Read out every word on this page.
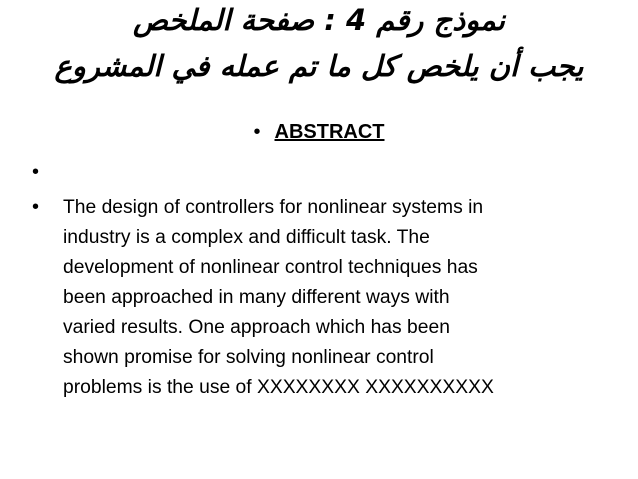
نموذج رقم 4 : صفحة الملخص
يجب أن يلخص كل ما تم عمله في المشروع
• ABSTRACT
•
• The design of controllers for nonlinear systems in
industry is a complex and difficult task. The
development of nonlinear control techniques has
been approached in many different ways with
varied results. One approach which has been
shown promise for solving nonlinear control
problems is the use of XXXXXXXX XXXXXXXXXX
